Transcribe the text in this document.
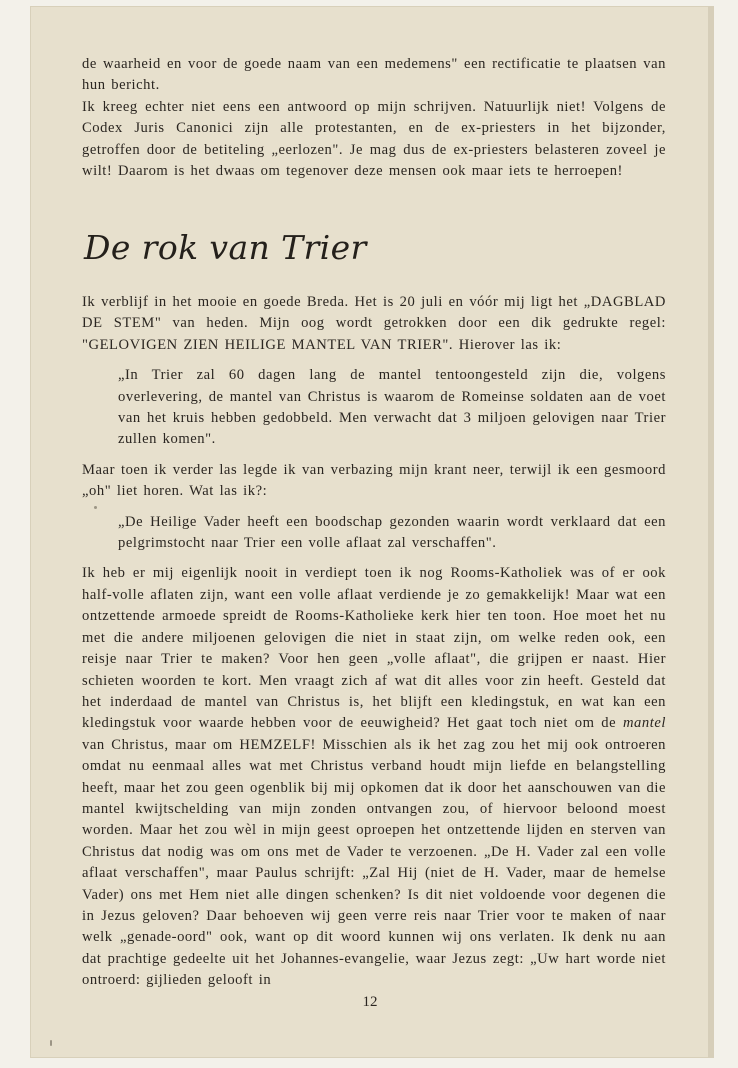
de waarheid en voor de goede naam van een medemens" een rectificatie te plaatsen van hun bericht.

Ik kreeg echter niet eens een antwoord op mijn schrijven. Natuurlijk niet! Volgens de Codex Juris Canonici zijn alle protestanten, en de ex-priesters in het bijzonder, getroffen door de betiteling „eerlozen". Je mag dus de ex-priesters belasteren zoveel je wilt! Daarom is het dwaas om tegenover deze mensen ook maar iets te herroepen!

De rok van Trier

Ik verblijf in het mooie en goede Breda. Het is 20 juli en vóór mij ligt het „DAGBLAD DE STEM" van heden. Mijn oog wordt getrokken door een dik gedrukte regel: "GELOVIGEN ZIEN HEILIGE MANTEL VAN TRIER". Hierover las ik:

„In Trier zal 60 dagen lang de mantel tentoongesteld zijn die, volgens overlevering, de mantel van Christus is waarom de Romeinse soldaten aan de voet van het kruis hebben gedobbeld. Men verwacht dat 3 miljoen gelovigen naar Trier zullen komen".

Maar toen ik verder las legde ik van verbazing mijn krant neer, terwijl ik een gesmoord „oh" liet horen. Wat las ik?:

„De Heilige Vader heeft een boodschap gezonden waarin wordt verklaard dat een pelgrimstocht naar Trier een volle aflaat zal verschaffen".

Ik heb er mij eigenlijk nooit in verdiept toen ik nog Rooms-Katholiek was of er ook half-volle aflaten zijn, want een volle aflaat verdiende je zo gemakkelijk! Maar wat een ontzettende armoede spreidt de Rooms-Katholieke kerk hier ten toon. Hoe moet het nu met die andere miljoenen gelovigen die niet in staat zijn, om welke reden ook, een reisje naar Trier te maken? Voor hen geen „volle aflaat", die grijpen er naast. Hier schieten woorden te kort. Men vraagt zich af wat dit alles voor zin heeft. Gesteld dat het inderdaad de mantel van Christus is, het blijft een kledingstuk, en wat kan een kledingstuk voor waarde hebben voor de eeuwigheid? Het gaat toch niet om de mantel van Christus, maar om HEMZELF! Misschien als ik het zag zou het mij ook ontroeren omdat nu eenmaal alles wat met Christus verband houdt mijn liefde en belangstelling heeft, maar het zou geen ogenblik bij mij opkomen dat ik door het aanschouwen van die mantel kwijtschelding van mijn zonden ontvangen zou, of hiervoor beloond moest worden. Maar het zou wèl in mijn geest oproepen het ontzettende lijden en sterven van Christus dat nodig was om ons met de Vader te verzoenen. „De H. Vader zal een volle aflaat verschaffen", maar Paulus schrijft: „Zal Hij (niet de H. Vader, maar de hemelse Vader) ons met Hem niet alle dingen schenken? Is dit niet voldoende voor degenen die in Jezus geloven? Daar behoeven wij geen verre reis naar Trier voor te maken of naar welk „genade-oord" ook, want op dit woord kunnen wij ons verlaten. Ik denk nu aan dat prachtige gedeelte uit het Johannes-evangelie, waar Jezus zegt: „Uw hart worde niet ontroerd: gijlieden gelooft in

12
